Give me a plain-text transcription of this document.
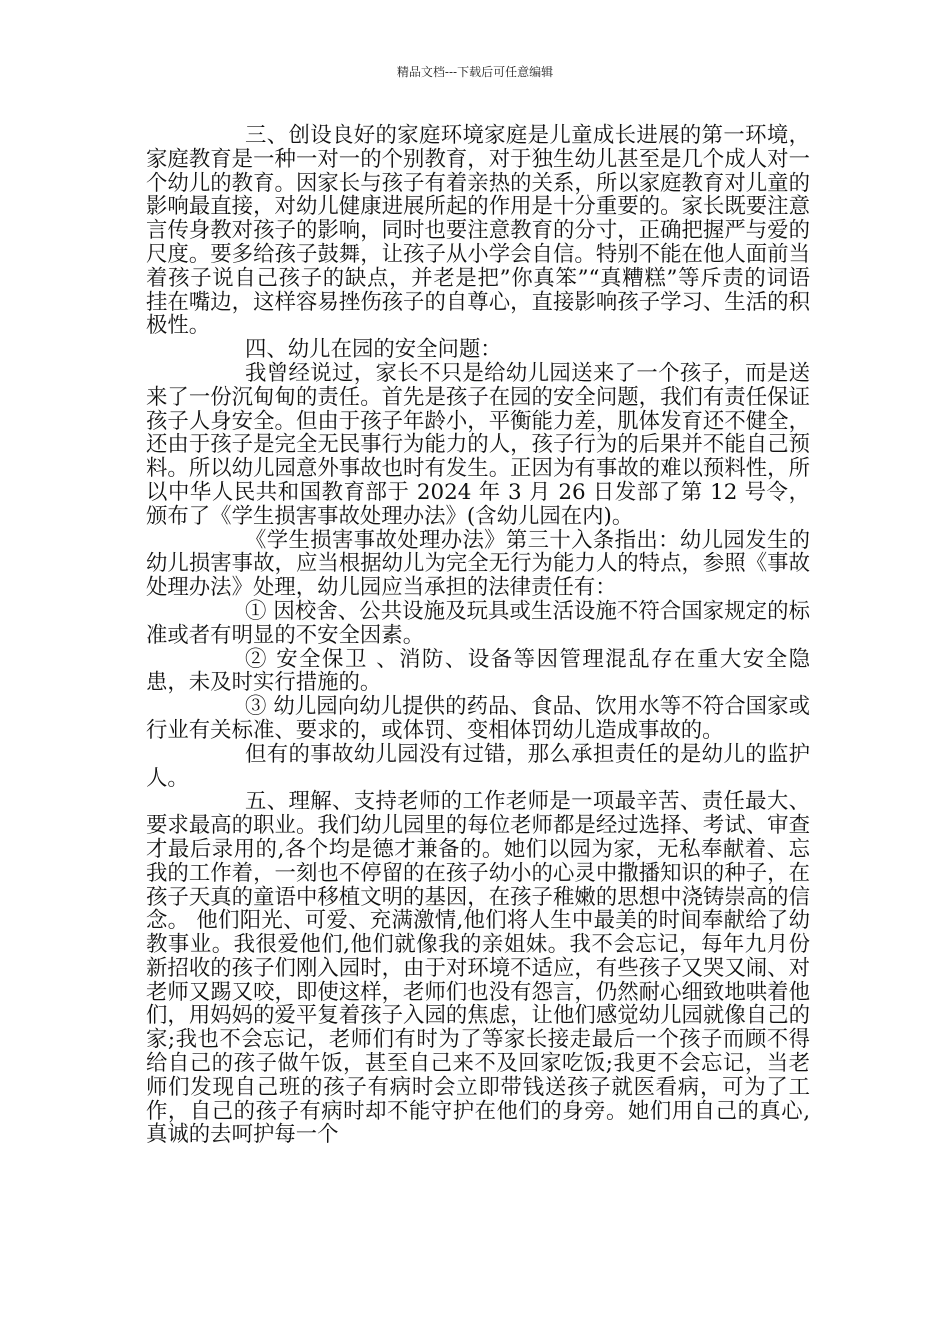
精品文档---下载后可任意编辑

三、创设良好的家庭环境家庭是儿童成长进展的第一环境，家庭教育是一种一对一的个别教育，对于独生幼儿甚至是几个成人对一个幼儿的教育。因家长与孩子有着亲热的关系，所以家庭教育对儿童的影响最直接，对幼儿健康进展所起的作用是十分重要的。家长既要注意言传身教对孩子的影响，同时也要注意教育的分寸，正确把握严与爱的尺度。要多给孩子鼓舞，让孩子从小学会自信。特别不能在他人面前当着孩子说自己孩子的缺点，并老是把”你真笨”“真糟糕”等斥责的词语挂在嘴边，这样容易挫伤孩子的自尊心，直接影响孩子学习、生活的积极性。

四、幼儿在园的安全问题：

我曾经说过，家长不只是给幼儿园送来了一个孩子，而是送来了一份沉甸甸的责任。首先是孩子在园的安全问题，我们有责任保证孩子人身安全。但由于孩子年龄小，平衡能力差，肌体发育还不健全，还由于孩子是完全无民事行为能力的人，孩子行为的后果并不能自己预料。所以幼儿园意外事故也时有发生。正因为有事故的难以预料性，所以中华人民共和国教育部于 2024 年 3 月 26 日发部了第 12 号令，颁布了《学生损害事故处理办法》(含幼儿园在内)。

《学生损害事故处理办法》第三十入条指出：幼儿园发生的幼儿损害事故，应当根据幼儿为完全无行为能力人的特点，参照《事故处理办法》处理，幼儿园应当承担的法律责任有：

① 因校舍、公共设施及玩具或生活设施不符合国家规定的标准或者有明显的不安全因素。

② 安全保卫 、消防、设备等因管理混乱存在重大安全隐患，未及时实行措施的。

③ 幼儿园向幼儿提供的药品、食品、饮用水等不符合国家或行业有关标准、要求的，或体罚、变相体罚幼儿造成事故的。

但有的事故幼儿园没有过错，那么承担责任的是幼儿的监护人。

五、理解、支持老师的工作老师是一项最辛苦、责任最大、要求最高的职业。我们幼儿园里的每位老师都是经过选择、考试、审查才最后录用的,各个均是德才兼备的。她们以园为家，无私奉献着、忘我的工作着，一刻也不停留的在孩子幼小的心灵中撒播知识的种子，在孩子天真的童语中移植文明的基因，在孩子稚嫩的思想中浇铸崇高的信念。 他们阳光、可爱、充满激情,他们将人生中最美的时间奉献给了幼教事业。我很爱他们,他们就像我的亲姐妹。我不会忘记，每年九月份新招收的孩子们刚入园时，由于对环境不适应，有些孩子又哭又闹、对老师又踢又咬，即使这样，老师们也没有怨言，仍然耐心细致地哄着他们，用妈妈的爱平复着孩子入园的焦虑，让他们感觉幼儿园就像自己的家;我也不会忘记，老师们有时为了等家长接走最后一个孩子而顾不得给自己的孩子做午饭，甚至自己来不及回家吃饭;我更不会忘记，当老师们发现自己班的孩子有病时会立即带钱送孩子就医看病，可为了工作，自己的孩子有病时却不能守护在他们的身旁。她们用自己的真心,真诚的去呵护每一个
